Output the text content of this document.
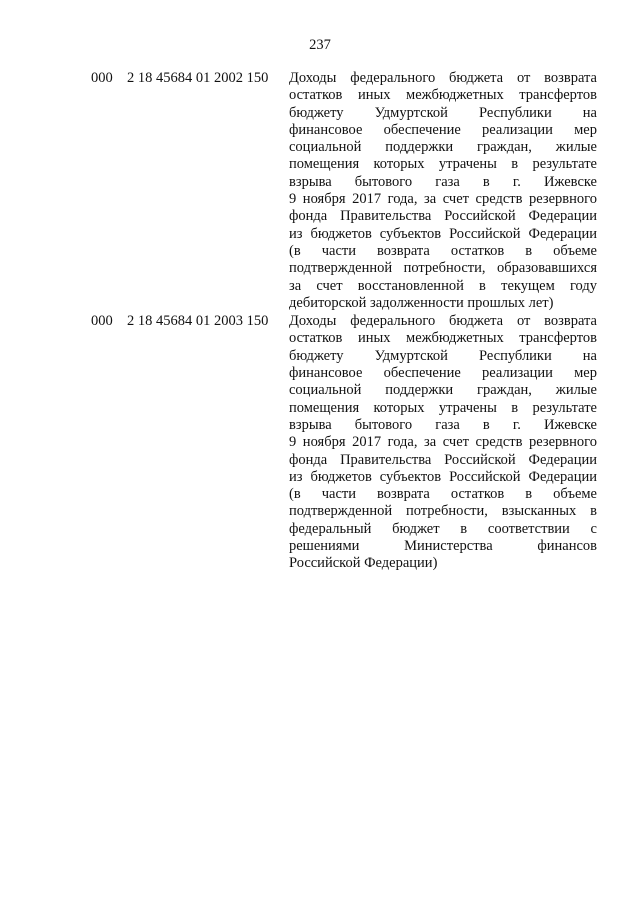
237
000 2 18 45684 01 2002 150 Доходы федерального бюджета от возврата
остатков иных межбюджетных трансфертов
бюджету Удмуртской Республики на
финансовое обеспечение реализации мер
социальной поддержки граждан, жилые
помещения которых утрачены в результате
взрыва бытового газа в г. Ижевске
9 ноября 2017 года, за счет средств резервного
фонда Правительства Российской Федерации
из бюджетов субъектов Российской Федерации
(в части возврата остатков в объеме
подтвержденной потребности, образовавшихся
за счет восстановленной в текущем году
дебиторской задолженности прошлых лет)
000 2 18 45684 01 2003 150 Доходы федерального бюджета от возврата
остатков иных межбюджетных трансфертов
бюджету Удмуртской Республики на
финансовое обеспечение реализации мер
социальной поддержки граждан, жилые
помещения которых утрачены в результате
взрыва бытового газа в г. Ижевске
9 ноября 2017 года, за счет средств резервного
фонда Правительства Российской Федерации
из бюджетов субъектов Российской Федерации
(в части возврата остатков в объеме
подтвержденной потребности, взысканных в
федеральный бюджет в соответствии с
решениями Министерства финансов
Российской Федерации)
